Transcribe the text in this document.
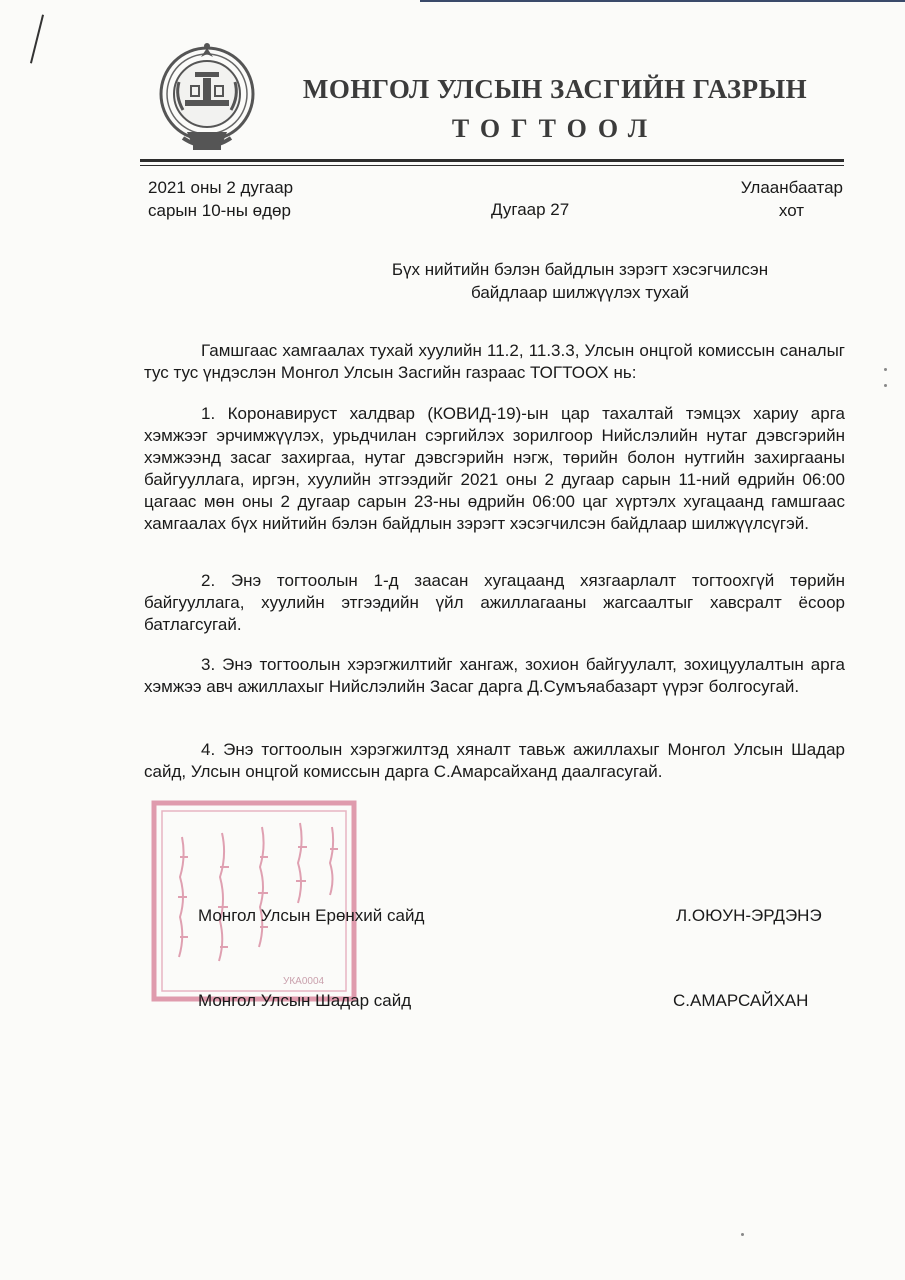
МОНГОЛ УЛСЫН ЗАСГИЙН ГАЗРЫН
ТОГТООЛ
2021 оны 2 дугаар
сарын 10-ны өдөр	Дугаар 27
Улаанбаатар
хот
Бүх нийтийн бэлэн байдлын зэрэгт хэсэгчилсэн
байдлаар шилжүүлэх тухай

Гамшгаас хамгаалах тухай хуулийн 11.2, 11.3.3, Улсын онцгой комиссын саналыг тус тус үндэслэн Монгол Улсын Засгийн газраас ТОГТООХ нь:

1. Коронавируст халдвар (КОВИД-19)-ын цар тахалтай тэмцэх хариу арга хэмжээг эрчимжүүлэх, урьдчилан сэргийлэх зорилгоор Нийслэлийн нутаг дэвсгэрийн хэмжээнд засаг захиргаа, нутаг дэвсгэрийн нэгж, төрийн болон нутгийн захиргааны байгууллага, иргэн, хуулийн этгээдийг 2021 оны 2 дугаар сарын 11-ний өдрийн 06:00 цагаас мөн оны 2 дугаар сарын 23-ны өдрийн 06:00 цаг хүртэлх хугацаанд гамшгаас хамгаалах бүх нийтийн бэлэн байдлын зэрэгт хэсэгчилсэн байдлаар шилжүүлсүгэй.

2. Энэ тогтоолын 1-д заасан хугацаанд хязгаарлалт тогтоохгүй төрийн байгууллага, хуулийн этгээдийн үйл ажиллагааны жагсаалтыг хавсралт ёсоор батлагсугай.

3. Энэ тогтоолын хэрэгжилтийг хангаж, зохион байгуулалт, зохицуулалтын арга хэмжээ авч ажиллахыг Нийслэлийн Засаг дарга Д.Сумъяабазарт үүрэг болгосугай.

4. Энэ тогтоолын хэрэгжилтэд хяналт тавьж ажиллахыг Монгол Улсын Шадар сайд, Улсын онцгой комиссын дарга С.Амарсайханд даалгасугай.

УКА0004
Монгол Улсын Ерөнхий сайд	Л.ОЮУН-ЭРДЭНЭ
Монгол Улсын Шадар сайд	С.АМАРСАЙХАН
